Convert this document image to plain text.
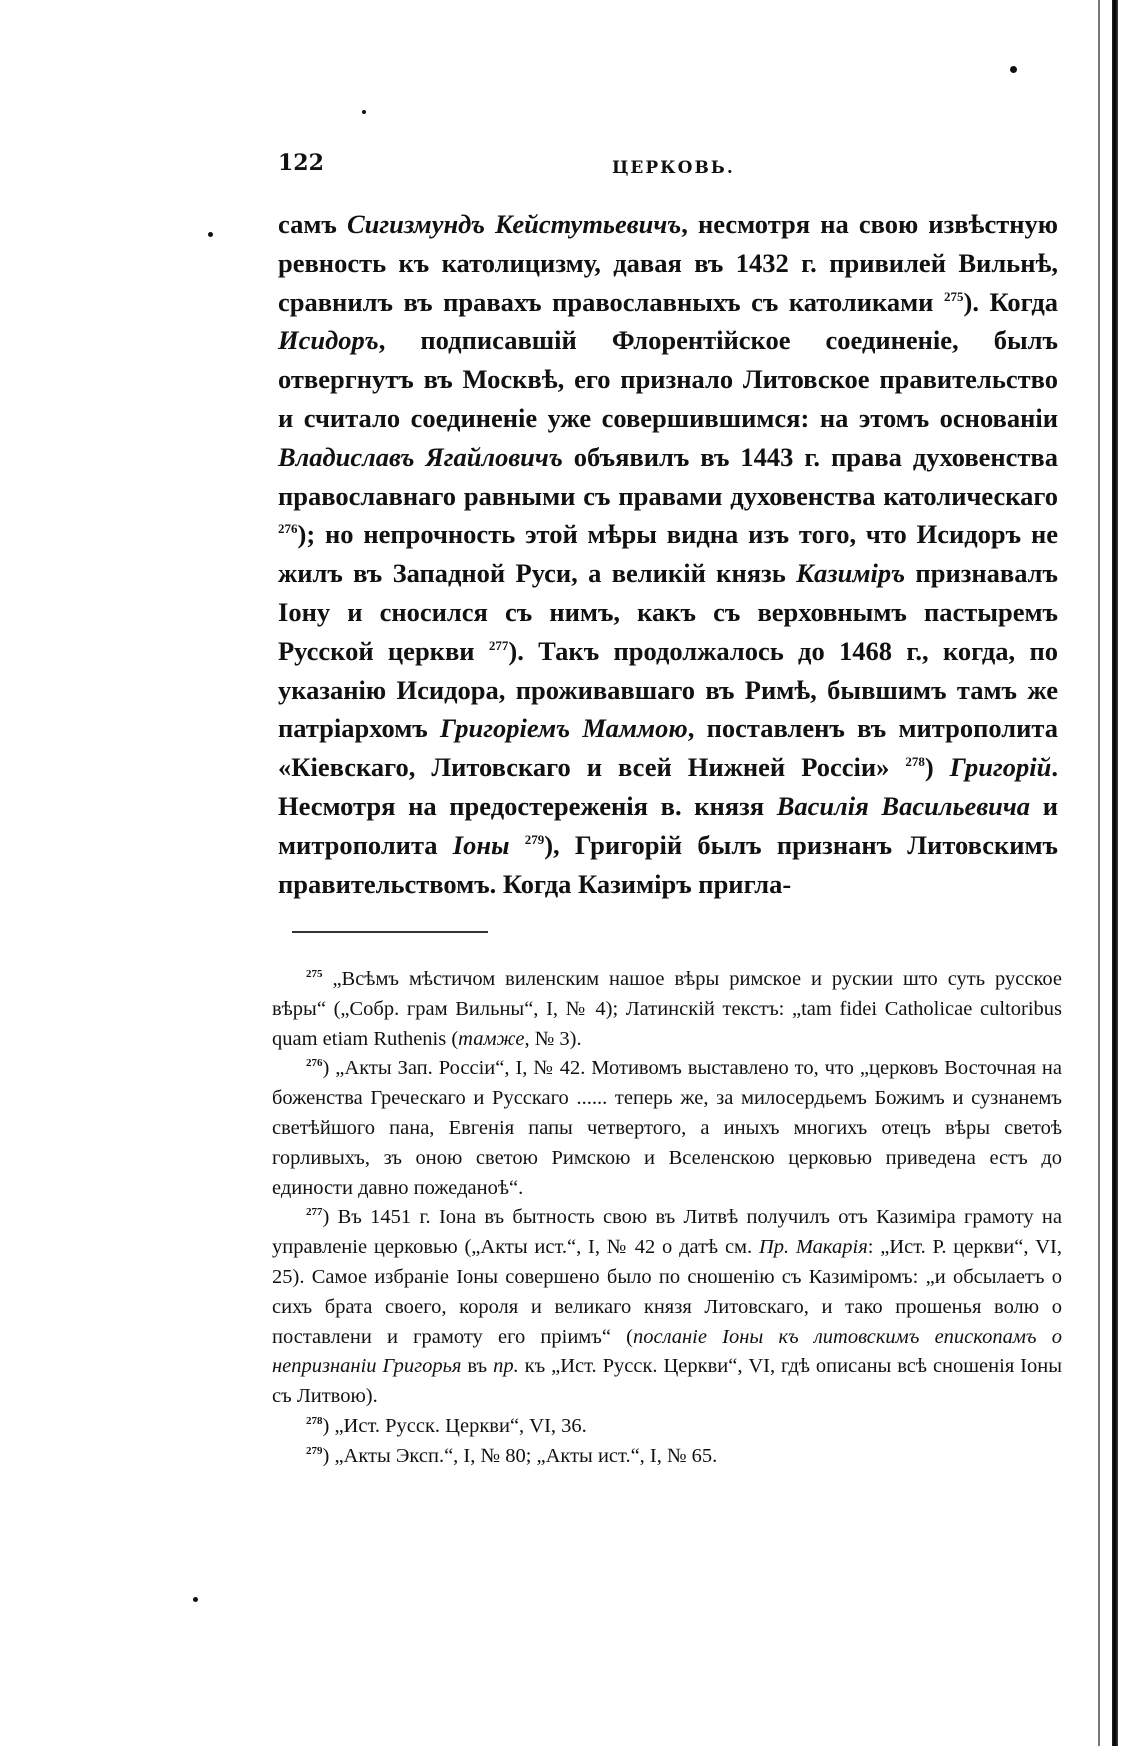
122	ЦЕРКОВЬ.
самъ Сигизмундъ Кейстутьевичъ, несмотря на свою извѣстную ревность къ католицизму, давая въ 1432 г. привилей Вильнѣ, сравнилъ въ правахъ православныхъ съ католиками $^{275}$). Когда Исидоръ, подписавшій Флорентійское соединеніе, былъ отвергнутъ въ Москвѣ, его признало Литовское правительство и считало соединеніе уже совершившимся: на этомъ основаніи Владиславъ Ягайловичъ объявилъ въ 1443 г. права духовенства православнаго равными съ правами духовенства католическаго $^{276}$); но непрочность этой мѣры видна изъ того, что Исидоръ не жилъ въ Западной Руси, а великій князь Казиміръ признавалъ Іону и сносился съ нимъ, какъ съ верховнымъ пастыремъ Русской церкви $^{277}$). Такъ продолжалось до 1468 г., когда, по указанію Исидора, проживавшаго въ Римѣ, бывшимъ тамъ же патріархомъ Григоріемъ Маммою, поставленъ въ митрополита «Кіевскаго, Литовскаго и всей Нижней Россіи» $^{278}$) Григорій. Несмотря на предостереженія в. князя Василія Васильевича и митрополита Іоны $^{279}$), Григорій былъ признанъ Литовскимъ правительствомъ. Когда Казиміръ пригла-

$^{275}$ „Всѣмъ мѣстичом виленским нашое вѣры римское и рускии што суть русское вѣры“ („Собр. грам Вильны“, I, № 4); Латинскій текстъ: „tam fidei Catholicae cultoribus quam etiam Ruthenis (тамже, № 3).

$^{276}$) „Акты Зап. Россіи“, I, № 42. Мотивомъ выставлено то, что „церковъ Восточная на боженства Греческаго и Русскаго ...... теперь же, за милосердьемъ Божимъ и сузнанемъ светѣйшого пана, Евгенія папы четвертого, а иныхъ многихъ отецъ вѣры светоѣ горливыхъ, зъ оною светою Римскою и Вселенскою церковью приведена естъ до единости давно пожеданоѣ“.

$^{277}$) Въ 1451 г. Іона въ бытность свою въ Литвѣ получилъ отъ Казиміра грамоту на управленіе церковью („Акты ист.“, I, № 42 о датѣ см. Пр. Макарія: „Ист. Р. церкви“, VI, 25). Самое избраніе Іоны совершено было по сношенію съ Казиміромъ: „и обсылаетъ о сихъ брата своего, короля и великаго князя Литовскаго, и тако прошенья волю о поставлени и грамоту его пріимъ“ (посланіе Іоны къ литовскимъ епископамъ о непризнаніи Григорья въ пр. къ „Ист. Русск. Церкви“, VI, гдѣ описаны всѣ сношенія Іоны съ Литвою).

$^{278}$) „Ист. Русск. Церкви“, VI, 36.

$^{279}$) „Акты Эксп.“, I, № 80; „Акты ист.“, I, № 65.
